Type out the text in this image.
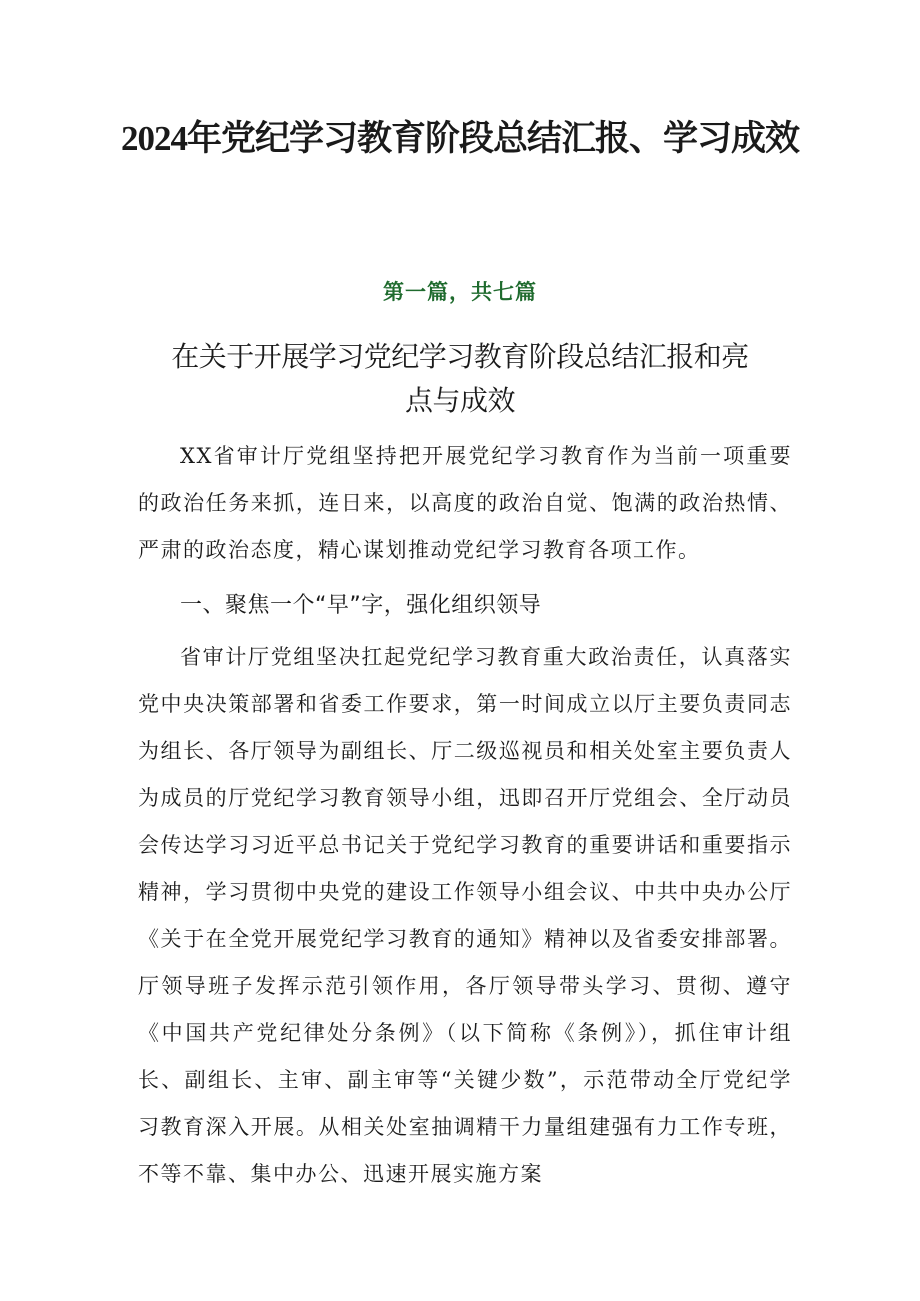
2024年党纪学习教育阶段总结汇报、学习成效
第一篇，共七篇
在关于开展学习党纪学习教育阶段总结汇报和亮点与成效

XX省审计厅党组坚持把开展党纪学习教育作为当前一项重要的政治任务来抓，连日来，以高度的政治自觉、饱满的政治热情、严肃的政治态度，精心谋划推动党纪学习教育各项工作。

一、聚焦一个“早”字，强化组织领导

省审计厅党组坚决扛起党纪学习教育重大政治责任，认真落实党中央决策部署和省委工作要求，第一时间成立以厅主要负责同志为组长、各厅领导为副组长、厅二级巡视员和相关处室主要负责人为成员的厅党纪学习教育领导小组，迅即召开厅党组会、全厅动员会传达学习习近平总书记关于党纪学习教育的重要讲话和重要指示精神，学习贯彻中央党的建设工作领导小组会议、中共中央办公厅《关于在全党开展党纪学习教育的通知》精神以及省委安排部署。厅领导班子发挥示范引领作用，各厅领导带头学习、贯彻、遵守《中国共产党纪律处分条例》（以下简称《条例》），抓住审计组长、副组长、主审、副主审等“关键少数”，示范带动全厅党纪学习教育深入开展。从相关处室抽调精干力量组建强有力工作专班，不等不靠、集中办公、迅速开展实施方案
